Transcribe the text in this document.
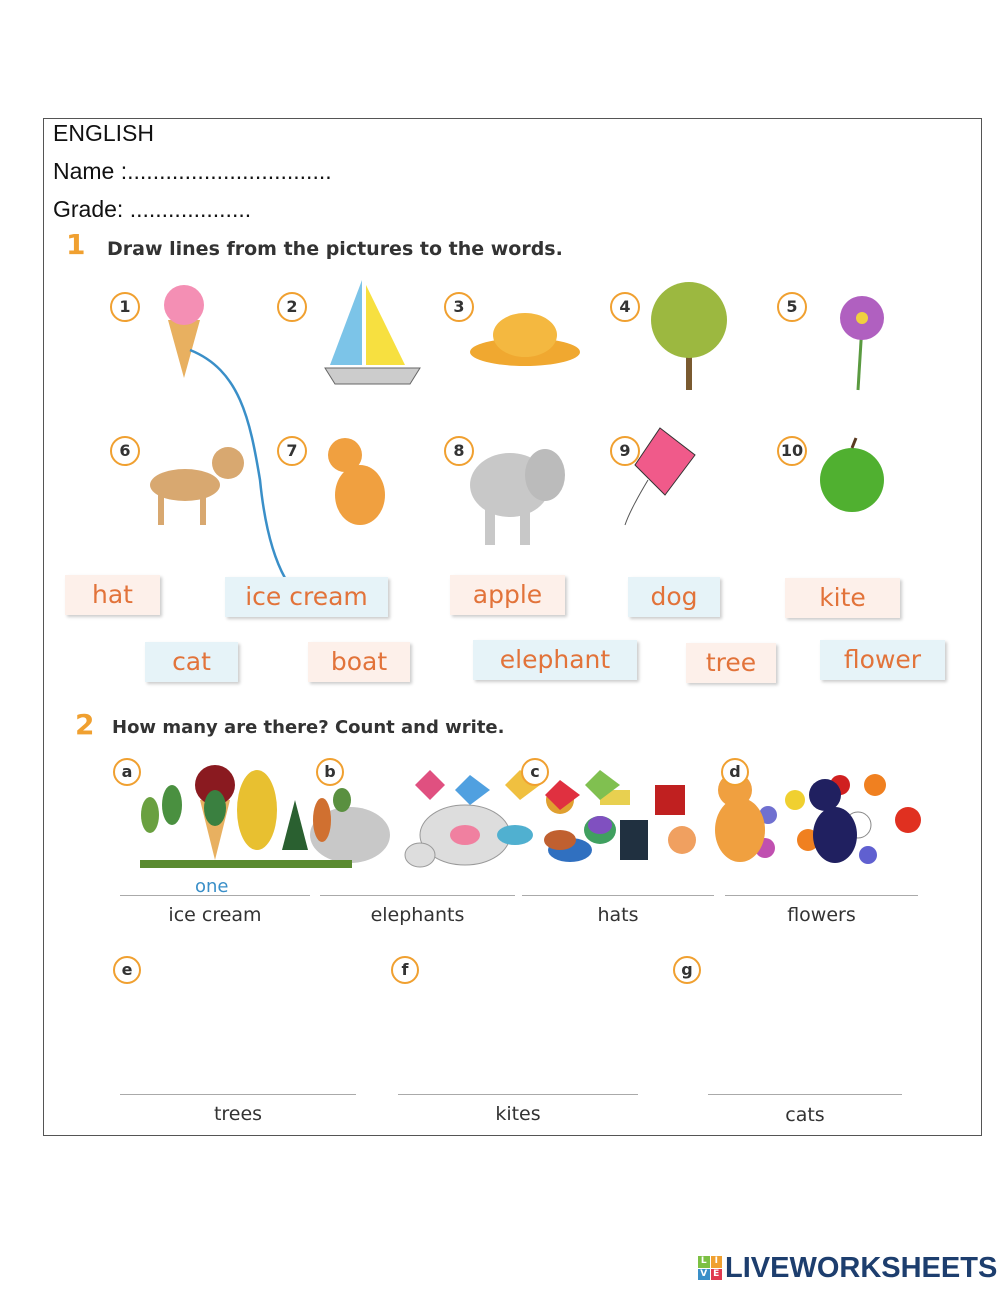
ENGLISH
Name :................................
Grade: ...................
1 Draw lines from the pictures to the words.
1	2	3	4	5
6	7	8	9	10
hat	ice cream	apple	dog	kite
cat	boat	elephant	tree	flower
2 How many are there? Count and write.
a	b	c	d
e	f	g
one
ice cream	elephants	hats	flowers
trees	kites	cats
L I
V E LIVEWORKSHEETS
